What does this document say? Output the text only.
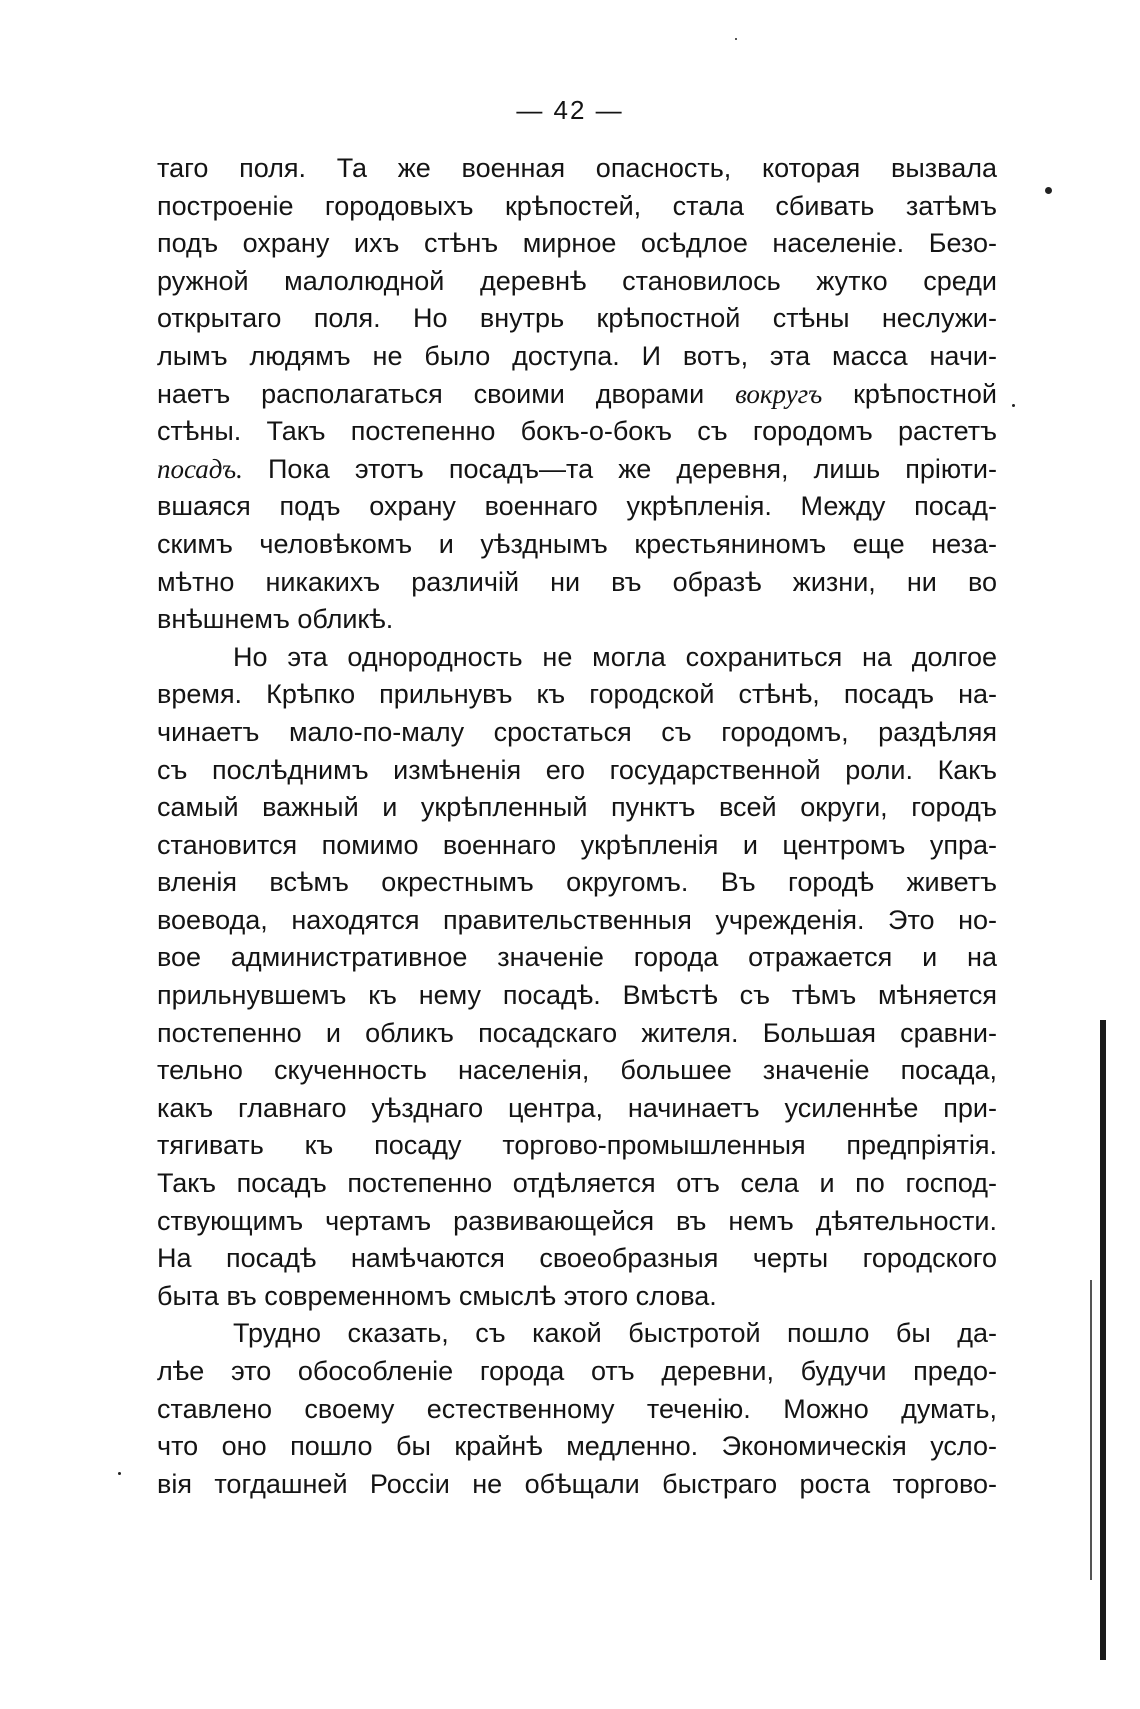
— 42 —
таго поля. Та же военная опасность, которая вызвала
построеніе городовыхъ крѣпостей, стала сбивать затѣмъ
подъ охрану ихъ стѣнъ мирное осѣдлое населеніе. Безо-
ружной малолюдной деревнѣ становилось жутко среди
открытаго поля. Но внутрь крѣпостной стѣны неслужи-
лымъ людямъ не было доступа. И вотъ, эта масса начи-
наетъ располагаться своими дворами вокругъ крѣпостной
стѣны. Такъ постепенно бокъ-о-бокъ съ городомъ растетъ
посадъ. Пока этотъ посадъ—та же деревня, лишь пріюти-
вшаяся подъ охрану военнаго укрѣпленія. Между посад-
скимъ человѣкомъ и уѣзднымъ крестьяниномъ еще неза-
мѣтно никакихъ различій ни въ образѣ жизни, ни во
внѣшнемъ обликѣ.
Но эта однородность не могла сохраниться на долгое
время. Крѣпко прильнувъ къ городской стѣнѣ, посадъ на-
чинаетъ мало-по-малу сростаться съ городомъ, раздѣляя
съ послѣднимъ измѣненія его государственной роли. Какъ
самый важный и укрѣпленный пунктъ всей округи, городъ
становится помимо военнаго укрѣпленія и центромъ упра-
вленія всѣмъ окрестнымъ округомъ. Въ городѣ живетъ
воевода, находятся правительственныя учрежденія. Это но-
вое административное значеніе города отражается и на
прильнувшемъ къ нему посадѣ. Вмѣстѣ съ тѣмъ мѣняется
постепенно и обликъ посадскаго жителя. Большая сравни-
тельно скученность населенія, большее значеніе посада,
какъ главнаго уѣзднаго центра, начинаетъ усиленнѣе при-
тягивать къ посаду торгово-промышленныя предпріятія.
Такъ посадъ постепенно отдѣляется отъ села и по господ-
ствующимъ чертамъ развивающейся въ немъ дѣятельности.
На посадѣ намѣчаются своеобразныя черты городского
быта въ современномъ смыслѣ этого слова.
Трудно сказать, съ какой быстротой пошло бы да-
лѣе это обособленіе города отъ деревни, будучи предо-
ставлено своему естественному теченію. Можно думать,
что оно пошло бы крайнѣ медленно. Экономическія усло-
вія тогдашней Россіи не обѣщали быстраго роста торгово-
